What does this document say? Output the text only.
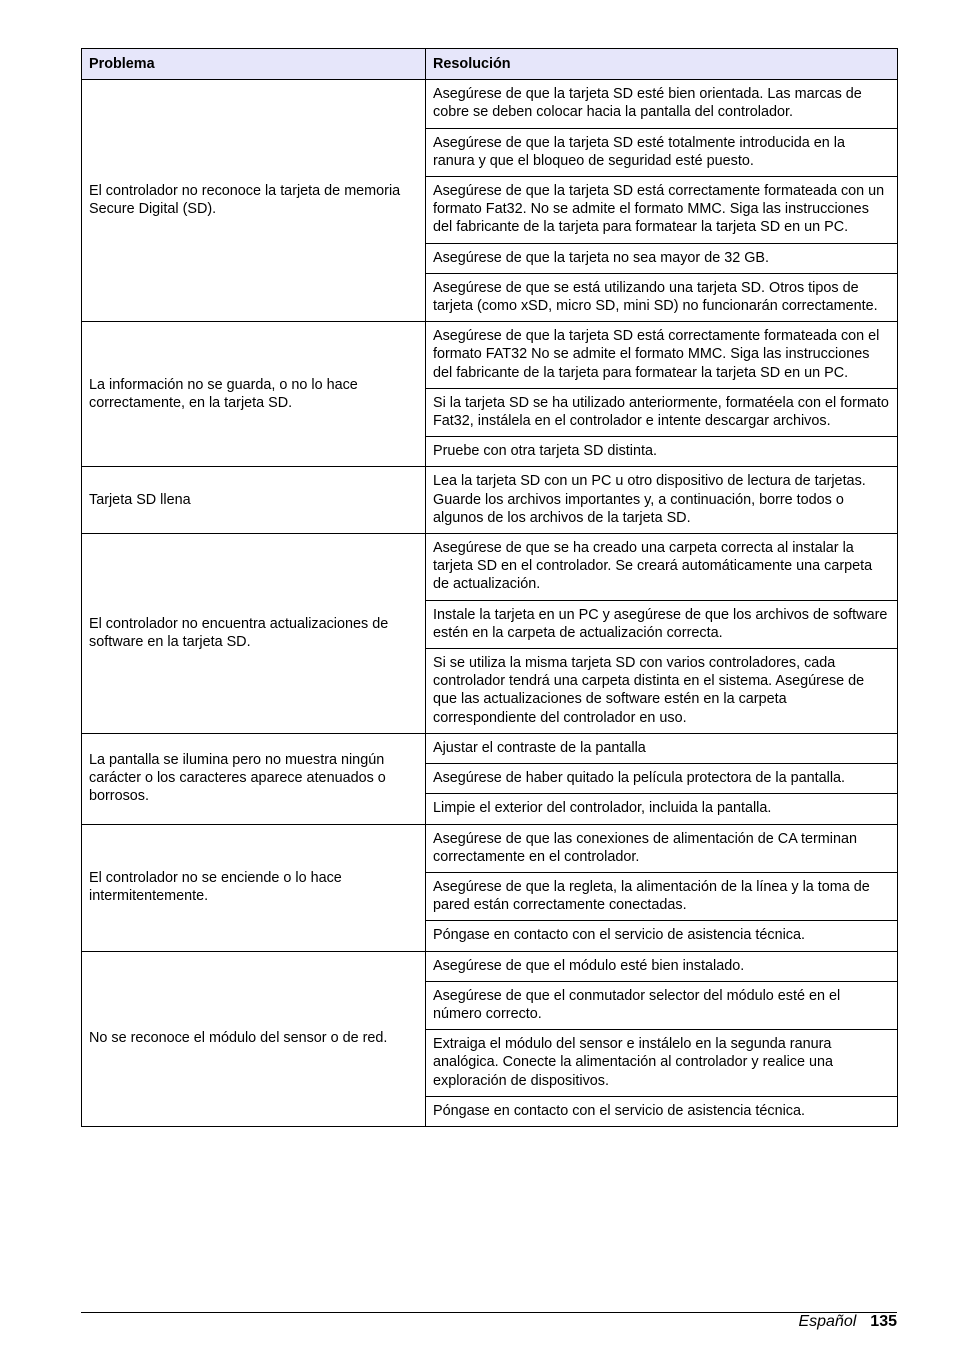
Problema	Resolución
El controlador no reconoce la tarjeta de memoria Secure Digital (SD).	Asegúrese de que la tarjeta SD esté bien orientada. Las marcas de cobre se deben colocar hacia la pantalla del controlador.
	Asegúrese de que la tarjeta SD esté totalmente introducida en la ranura y que el bloqueo de seguridad esté puesto.
	Asegúrese de que la tarjeta SD está correctamente formateada con un formato Fat32. No se admite el formato MMC. Siga las instrucciones del fabricante de la tarjeta para formatear la tarjeta SD en un PC.
	Asegúrese de que la tarjeta no sea mayor de 32 GB.
	Asegúrese de que se está utilizando una tarjeta SD. Otros tipos de tarjeta (como xSD, micro SD, mini SD) no funcionarán correctamente.
La información no se guarda, o no lo hace correctamente, en la tarjeta SD.	Asegúrese de que la tarjeta SD está correctamente formateada con el formato FAT32 No se admite el formato MMC. Siga las instrucciones del fabricante de la tarjeta para formatear la tarjeta SD en un PC.
	Si la tarjeta SD se ha utilizado anteriormente, formatéela con el formato Fat32, instálela en el controlador e intente descargar archivos.
	Pruebe con otra tarjeta SD distinta.
Tarjeta SD llena	Lea la tarjeta SD con un PC u otro dispositivo de lectura de tarjetas. Guarde los archivos importantes y, a continuación, borre todos o algunos de los archivos de la tarjeta SD.
El controlador no encuentra actualizaciones de software en la tarjeta SD.	Asegúrese de que se ha creado una carpeta correcta al instalar la tarjeta SD en el controlador. Se creará automáticamente una carpeta de actualización.
	Instale la tarjeta en un PC y asegúrese de que los archivos de software estén en la carpeta de actualización correcta.
	Si se utiliza la misma tarjeta SD con varios controladores, cada controlador tendrá una carpeta distinta en el sistema. Asegúrese de que las actualizaciones de software estén en la carpeta correspondiente del controlador en uso.
La pantalla se ilumina pero no muestra ningún carácter o los caracteres aparece atenuados o borrosos.	Ajustar el contraste de la pantalla
	Asegúrese de haber quitado la película protectora de la pantalla.
	Limpie el exterior del controlador, incluida la pantalla.
El controlador no se enciende o lo hace intermitentemente.	Asegúrese de que las conexiones de alimentación de CA terminan correctamente en el controlador.
	Asegúrese de que la regleta, la alimentación de la línea y la toma de pared están correctamente conectadas.
	Póngase en contacto con el servicio de asistencia técnica.
No se reconoce el módulo del sensor o de red.	Asegúrese de que el módulo esté bien instalado.
	Asegúrese de que el conmutador selector del módulo esté en el número correcto.
	Extraiga el módulo del sensor e instálelo en la segunda ranura analógica. Conecte la alimentación al controlador y realice una exploración de dispositivos.
	Póngase en contacto con el servicio de asistencia técnica.
Español 135
